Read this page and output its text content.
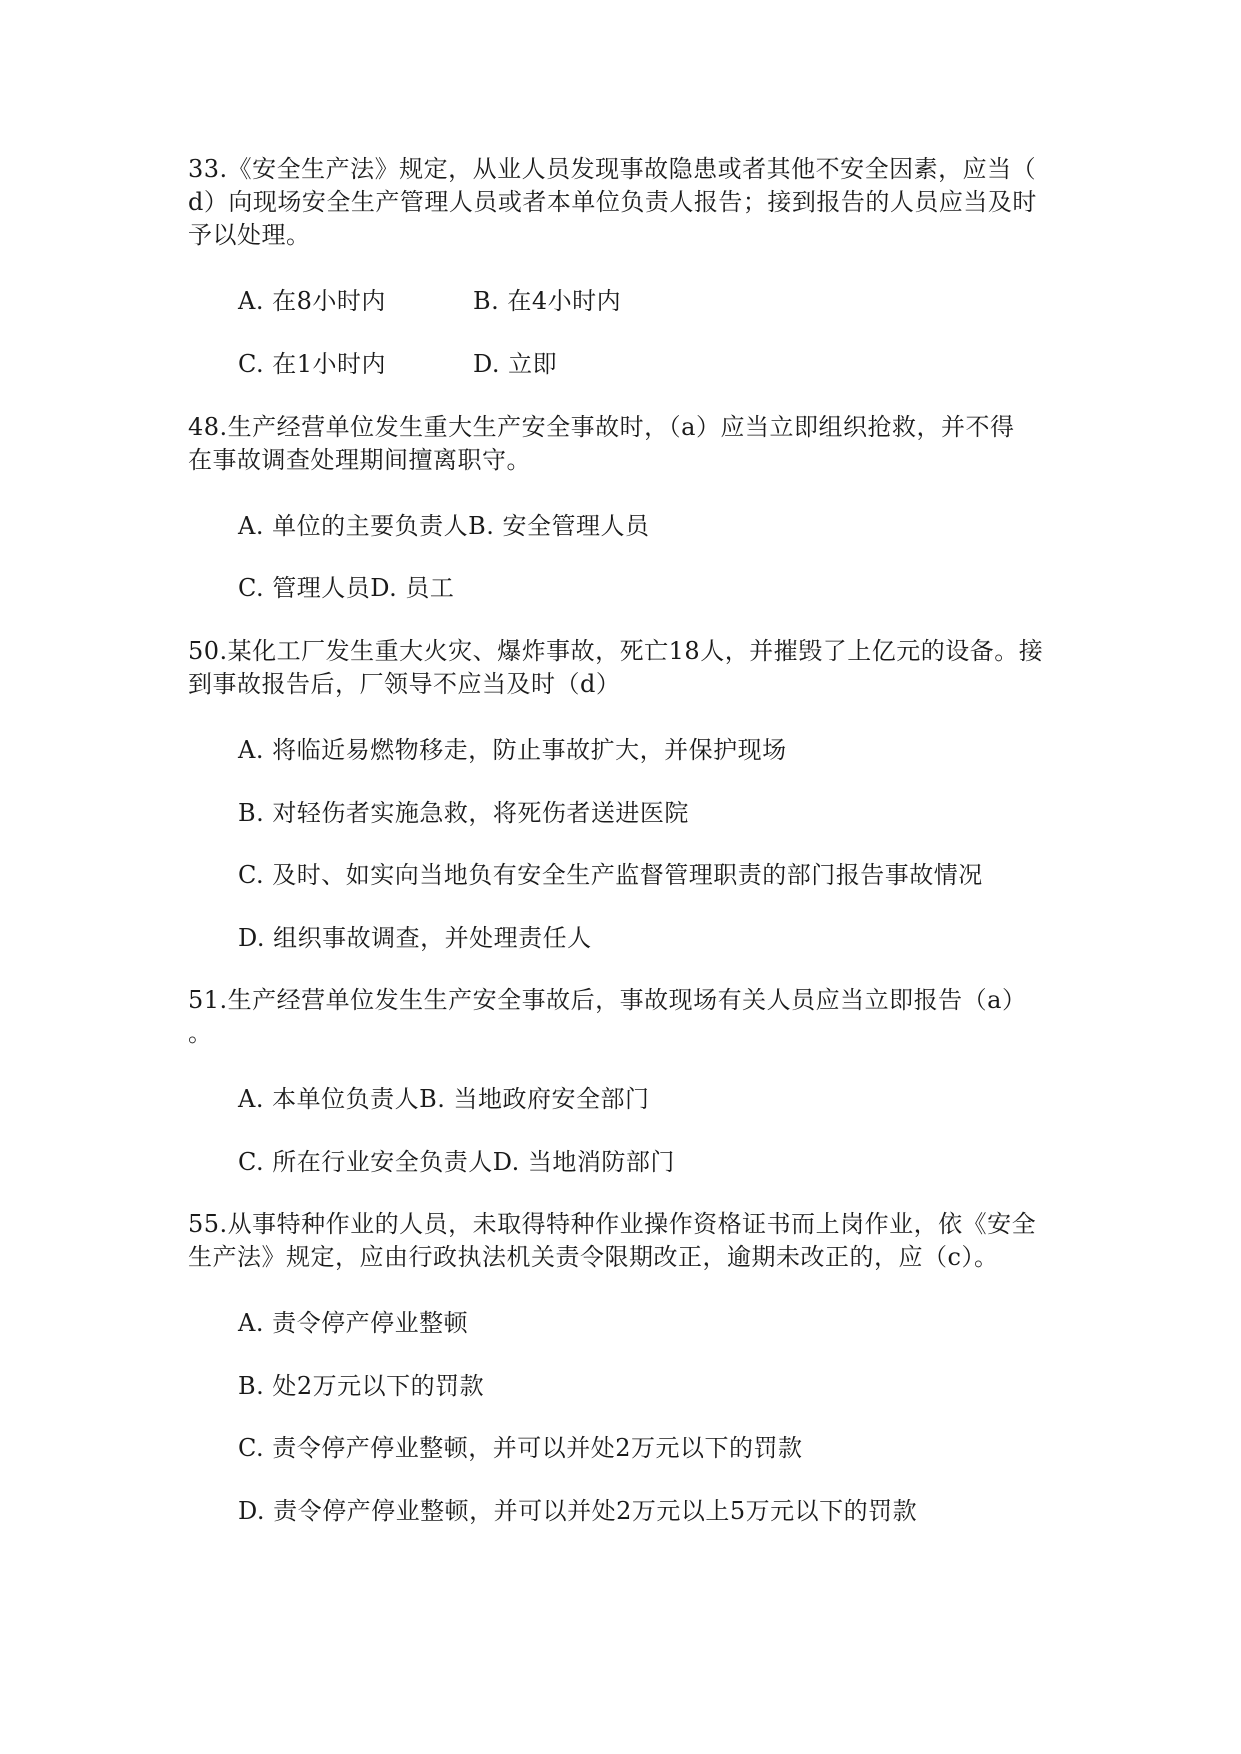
33.《安全生产法》规定，从业人员发现事故隐患或者其他不安全因素，应当（
d）向现场安全生产管理人员或者本单位负责人报告；接到报告的人员应当及时
予以处理。
A. 在8小时内	B. 在4小时内
C. 在1小时内	D. 立即
48.生产经营单位发生重大生产安全事故时，（a）应当立即组织抢救，并不得
在事故调查处理期间擅离职守。
A. 单位的主要负责人B. 安全管理人员
C. 管理人员D. 员工
50.某化工厂发生重大火灾、爆炸事故，死亡18人，并摧毁了上亿元的设备。接
到事故报告后，厂领导不应当及时（d）
A. 将临近易燃物移走，防止事故扩大，并保护现场
B. 对轻伤者实施急救，将死伤者送进医院
C. 及时、如实向当地负有安全生产监督管理职责的部门报告事故情况
D. 组织事故调查，并处理责任人
51.生产经营单位发生生产安全事故后，事故现场有关人员应当立即报告（a）
。
A. 本单位负责人B. 当地政府安全部门
C. 所在行业安全负责人D. 当地消防部门
55.从事特种作业的人员，未取得特种作业操作资格证书而上岗作业，依《安全
生产法》规定，应由行政执法机关责令限期改正，逾期未改正的，应（c）。
A. 责令停产停业整顿
B. 处2万元以下的罚款
C. 责令停产停业整顿，并可以并处2万元以下的罚款
D. 责令停产停业整顿，并可以并处2万元以上5万元以下的罚款
